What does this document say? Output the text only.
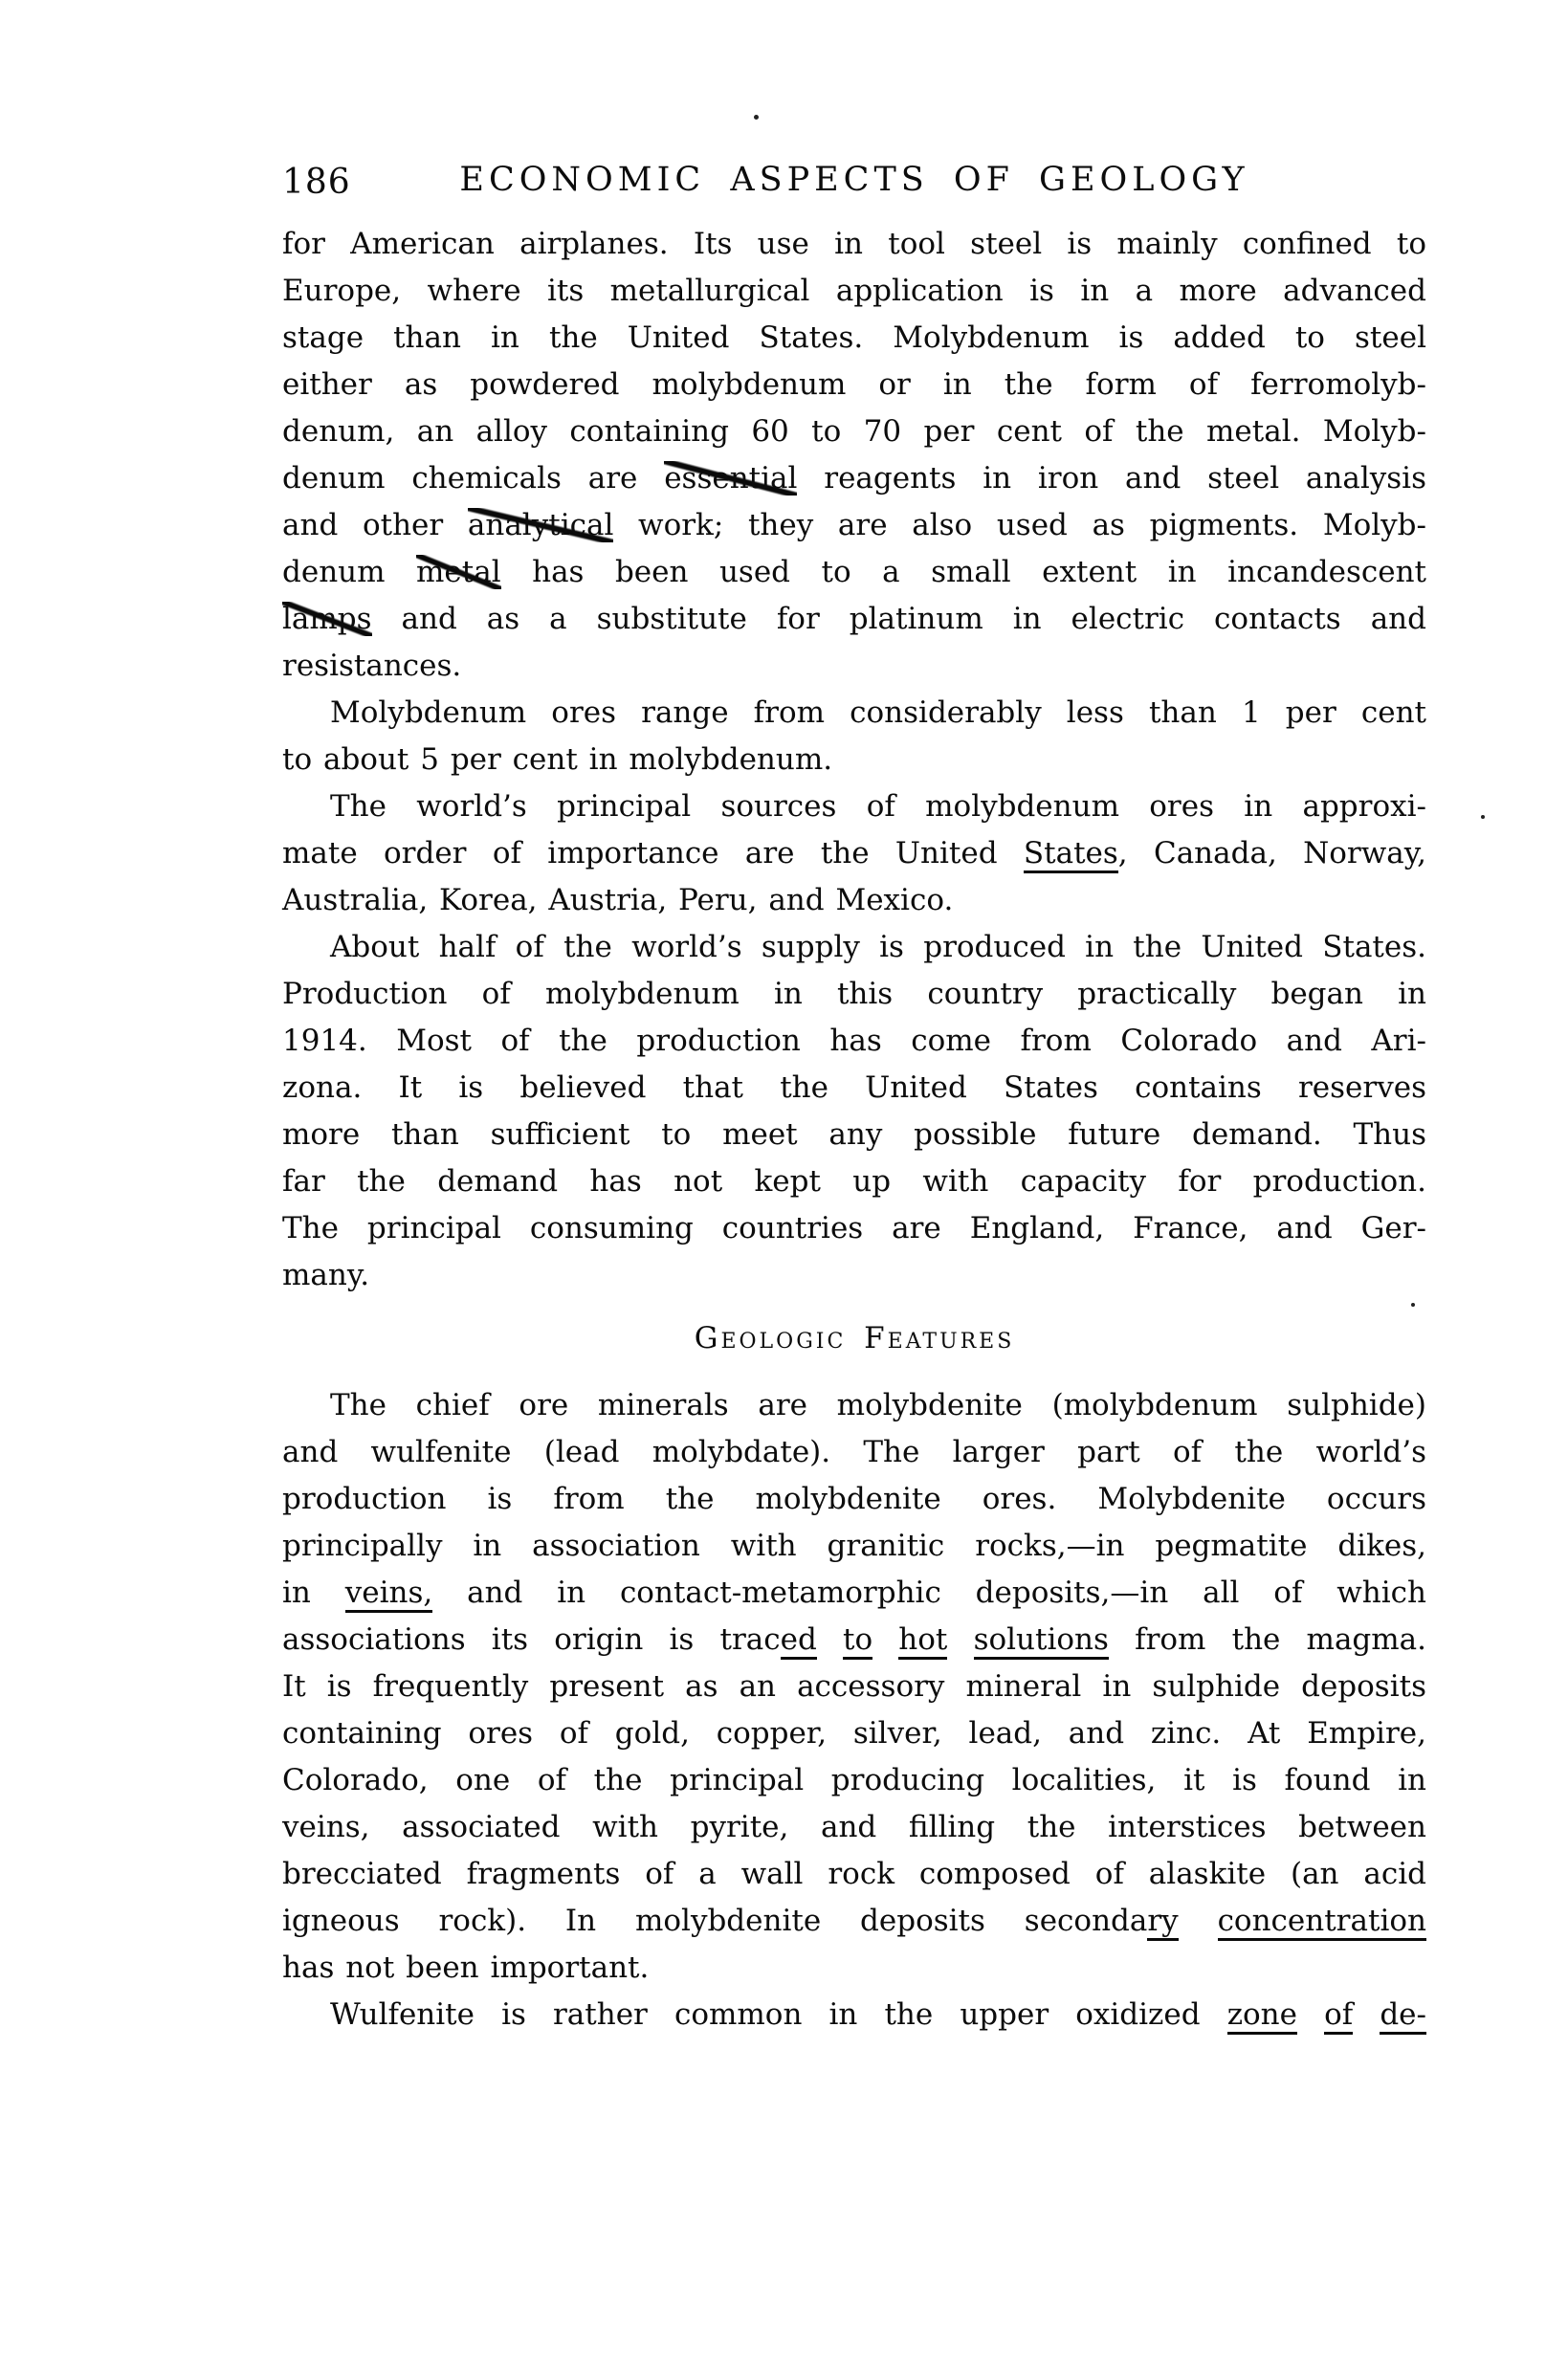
186	ECONOMIC ASPECTS OF GEOLOGY
for American airplanes. Its use in tool steel is mainly confined to
Europe, where its metallurgical application is in a more advanced
stage than in the United States. Molybdenum is added to steel
either as powdered molybdenum or in the form of ferromolyb-
denum, an alloy containing 60 to 70 per cent of the metal. Molyb-
denum chemicals are essential reagents in iron and steel analysis
and other analytical work; they are also used as pigments. Molyb-
denum metal has been used to a small extent in incandescent
lamps and as a substitute for platinum in electric contacts and
resistances.
Molybdenum ores range from considerably less than 1 per cent
to about 5 per cent in molybdenum.
The world’s principal sources of molybdenum ores in approxi-
mate order of importance are the United States, Canada, Norway,
Australia, Korea, Austria, Peru, and Mexico.
About half of the world’s supply is produced in the United States.
Production of molybdenum in this country practically began in
1914. Most of the production has come from Colorado and Ari-
zona. It is believed that the United States contains reserves
more than sufficient to meet any possible future demand. Thus
far the demand has not kept up with capacity for production.
The principal consuming countries are England, France, and Ger-
many.
Geologic Features
The chief ore minerals are molybdenite (molybdenum sulphide)
and wulfenite (lead molybdate). The larger part of the world’s
production is from the molybdenite ores. Molybdenite occurs
principally in association with granitic rocks,—in pegmatite dikes,
in veins, and in contact-metamorphic deposits,—in all of which
associations its origin is traced to hot solutions from the magma.
It is frequently present as an accessory mineral in sulphide deposits
containing ores of gold, copper, silver, lead, and zinc. At Empire,
Colorado, one of the principal producing localities, it is found in
veins, associated with pyrite, and filling the interstices between
brecciated fragments of a wall rock composed of alaskite (an acid
igneous rock). In molybdenite deposits secondary concentration
has not been important.
Wulfenite is rather common in the upper oxidized zone of de-
